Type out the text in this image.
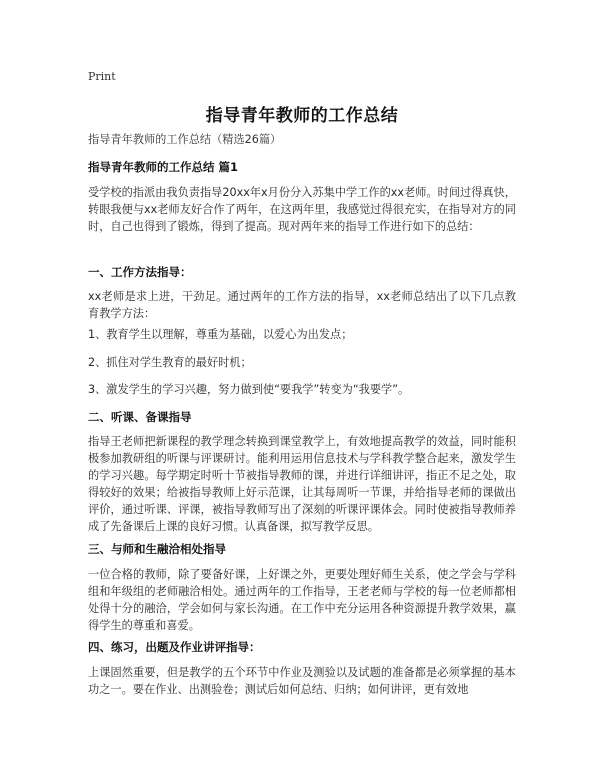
Print
指导青年教师的工作总结
指导青年教师的工作总结（精选26篇）
指导青年教师的工作总结 篇1
受学校的指派由我负责指导20xx年x月份分入苏集中学工作的xx老师。时间过得真快，转眼我便与xx老师友好合作了两年，在这两年里，我感觉过得很充实，在指导对方的同时，自己也得到了锻炼，得到了提高。现对两年来的指导工作进行如下的总结：
一、工作方法指导：
xx老师是求上进，干劲足。通过两年的工作方法的指导，xx老师总结出了以下几点教育教学方法：
1、教育学生以理解，尊重为基础，以爱心为出发点；
2、抓住对学生教育的最好时机；
3、激发学生的学习兴趣，努力做到使“要我学”转变为“我要学”。
二、听课、备课指导
指导王老师把新课程的教学理念转换到课堂教学上，有效地提高教学的效益，同时能积极参加教研组的听课与评课研讨。能利用运用信息技术与学科教学整合起来，激发学生的学习兴趣。每学期定时听十节被指导教师的课，并进行详细讲评，指正不足之处，取得较好的效果；给被指导教师上好示范课，让其每周听一节课，并给指导老师的课做出评价，通过听课、评课，被指导教师写出了深刻的听课评课体会。同时使被指导教师养成了先备课后上课的良好习惯。认真备课，拟写教学反思。
三、与师和生融洽相处指导
一位合格的教师，除了要备好课，上好课之外，更要处理好师生关系，使之学会与学科组和年级组的老师融洽相处。通过两年的工作指导，王老老师与学校的每一位老师都相处得十分的融洽，学会如何与家长沟通。在工作中充分运用各种资源提升教学效果，赢得学生的尊重和喜爱。
四、练习，出题及作业讲评指导：
上课固然重要，但是教学的五个环节中作业及测验以及试题的准备都是必须掌握的基本功之一。要在作业、出测验卷；测试后如何总结、归纳；如何讲评，更有效地
